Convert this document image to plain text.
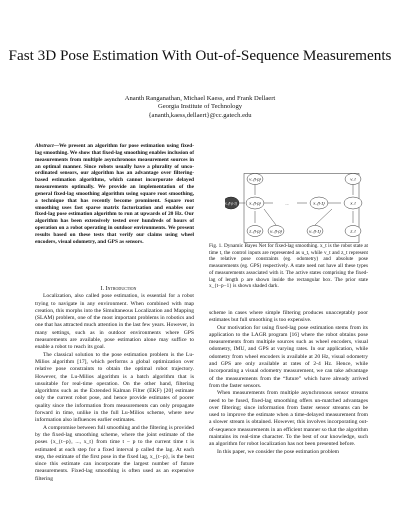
Fast 3D Pose Estimation With Out-of-Sequence Measurements
Ananth Ranganathan, Michael Kaess, and Frank Dellaert
Georgia Institute of Technology
{ananth,kaess,dellaert}@cc.gatech.edu

Abstract—We present an algorithm for pose estimation using fixed-lag smoothing. We show that fixed-lag smoothing enables inclusion of measurements from multiple asynchronous measurement sources in an optimal manner. Since robots usually have a plurality of unco-ordinated sensors, our algorithm has an advantage over filtering-based estimation algorithms, which cannot incorporate delayed measurements optimally. We provide an implementation of the general fixed-lag smoothing algorithm using square root smoothing, a technique that has recently become prominent. Square root smoothing uses fast sparse matrix factorization and enables our fixed-lag pose estimation algorithm to run at upwards of 20 Hz. Our algorithm has been extensively tested over hundreds of hours of operation on a robot operating in outdoor environments. We present results based on these tests that verify our claims using wheel encoders, visual odometry, and GPS as sensors.

I. Introduction

Localization, also called pose estimation, is essential for a robot trying to navigate in any environment. When combined with map creation, this morphs into the Simultaneous Localization and Mapping (SLAM) problem, one of the most important problems in robotics and one that has attracted much attention in the last few years. However, in many settings, such as in outdoor environments where GPS measurements are available, pose estimation alone may suffice to enable a robot to reach its goal.

The classical solution to the pose estimation problem is the Lu-Milios algorithm [17], which performs a global optimization over relative pose constraints to obtain the optimal robot trajectory. However, the Lu-Milios algorithm is a batch algorithm that is unsuitable for real-time operation. On the other hand, filtering algorithms such as the Extended Kalman Filter (EKF) [20] estimate only the current robot pose, and hence provide estimates of poorer quality since the information from measurements can only propagate forward in time, unlike in the full Lu-Milios scheme, where new information also influences earlier estimates.

A compromise between full smoothing and the filtering is provided by the fixed-lag smoothing scheme, where the joint estimate of the poses {x_{t−p}, ..., x_t} from time t − p to the current time t is estimated at each step for a fixed interval p called the lag. At each step, the estimate of the first pose in the fixed lag, x_{t−p}, is the best since this estimate can incorporate the largest number of future measurements. Fixed-lag smoothing is often used as an expensive filtering

v_{t-p}	v_t
x_{t-p-1}	x_{t-p}	x_{t-1}	x_t
u_{t-p}	u_{t-1}
z_{t-p}	z_t
...
Fig. 1. Dynamic Bayes Net for fixed-lag smoothing. x_t is the robot state at time t, the control inputs are represented as u_t, while v_t and z_t represent the relative pose constraints (eg. odometry) and absolute pose measurements (eg. GPS) respectively. A state need not have all these types of measurements associated with it. The active states comprising the fixed-lag of length p are shown inside the rectangular box. The prior state x_{t−p−1} is shown shaded dark.

scheme in cases where simple filtering produces unacceptably poor estimates but full smoothing is too expensive.

Our motivation for using fixed-lag pose estimation stems from its application to the LAGR program [16] where the robot obtains pose measurements from multiple sources such as wheel encoders, visual odometry, IMU, and GPS at varying rates. In our application, while odometry from wheel encoders is available at 20 Hz, visual odometry and GPS are only available at rates of 2-4 Hz. Hence, while incorporating a visual odometry measurement, we can take advantage of the measurements from the “future” which have already arrived from the faster sensors.

When measurements from multiple asynchronous sensor streams need to be fused, fixed-lag smoothing offers un-matched advantages over filtering; since information from faster sensor streams can be used to improve the estimate when a time-delayed measurement from a slower stream is obtained. However, this involves incorporating out-of-sequence measurements in an efficient manner so that the algorithm maintains its real-time character. To the best of our knowledge, such an algorithm for robot localization has not been presented before.

In this paper, we consider the pose estimation problem
